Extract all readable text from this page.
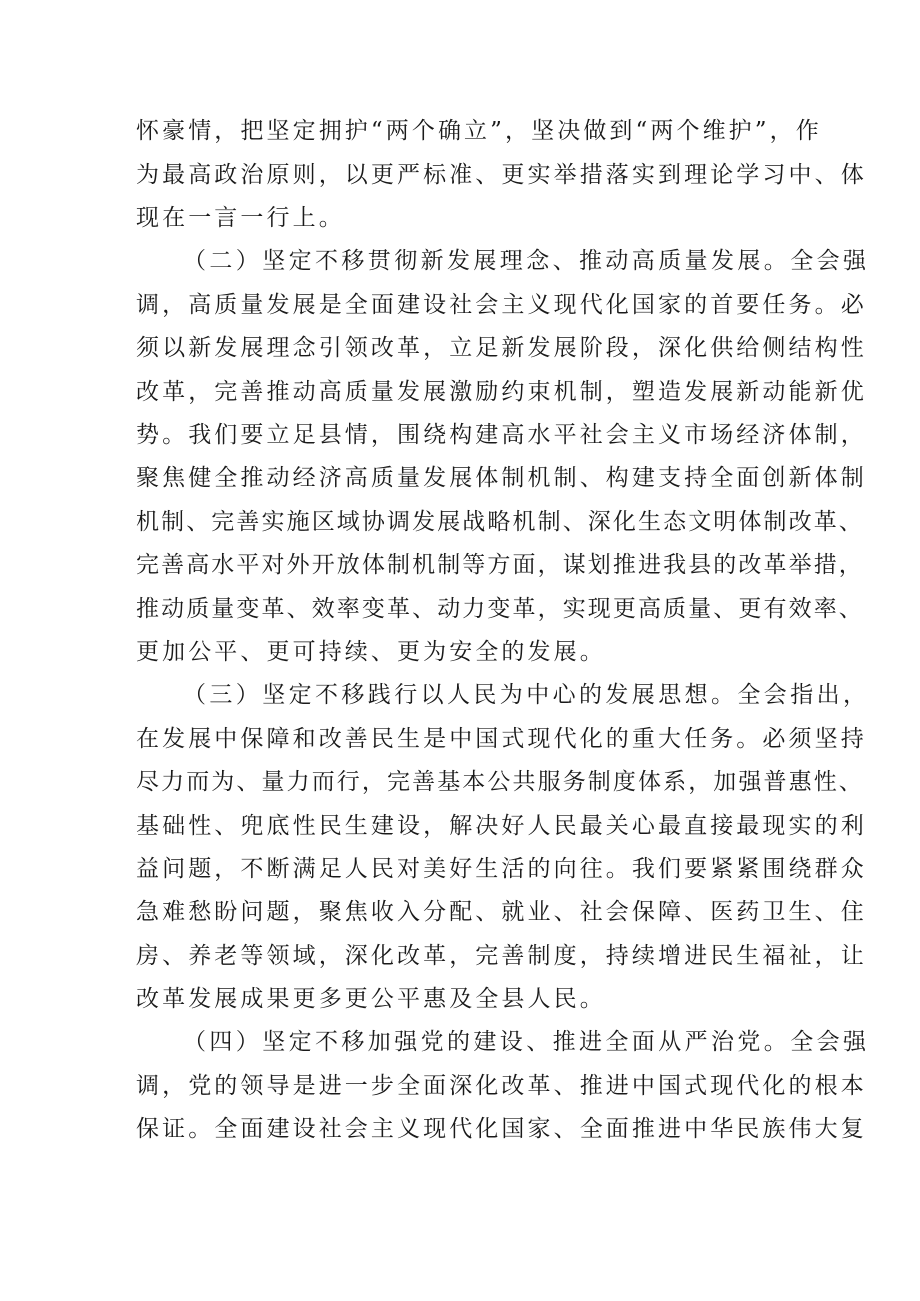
怀豪情，把坚定拥护“两个确立”，坚决做到“两个维护”，作

为最高政治原则，以更严标准、更实举措落实到理论学习中、体

现在一言一行上。

（二）坚定不移贯彻新发展理念、推动高质量发展。全会强

调，高质量发展是全面建设社会主义现代化国家的首要任务。必

须以新发展理念引领改革，立足新发展阶段，深化供给侧结构性

改革，完善推动高质量发展激励约束机制，塑造发展新动能新优

势。我们要立足县情，围绕构建高水平社会主义市场经济体制，

聚焦健全推动经济高质量发展体制机制、构建支持全面创新体制

机制、完善实施区域协调发展战略机制、深化生态文明体制改革、

完善高水平对外开放体制机制等方面，谋划推进我县的改革举措，

推动质量变革、效率变革、动力变革，实现更高质量、更有效率、

更加公平、更可持续、更为安全的发展。

（三）坚定不移践行以人民为中心的发展思想。全会指出，

在发展中保障和改善民生是中国式现代化的重大任务。必须坚持

尽力而为、量力而行，完善基本公共服务制度体系，加强普惠性、

基础性、兜底性民生建设，解决好人民最关心最直接最现实的利

益问题，不断满足人民对美好生活的向往。我们要紧紧围绕群众

急难愁盼问题，聚焦收入分配、就业、社会保障、医药卫生、住

房、养老等领域，深化改革，完善制度，持续增进民生福祉，让

改革发展成果更多更公平惠及全县人民。

（四）坚定不移加强党的建设、推进全面从严治党。全会强

调，党的领导是进一步全面深化改革、推进中国式现代化的根本

保证。全面建设社会主义现代化国家、全面推进中华民族伟大复
